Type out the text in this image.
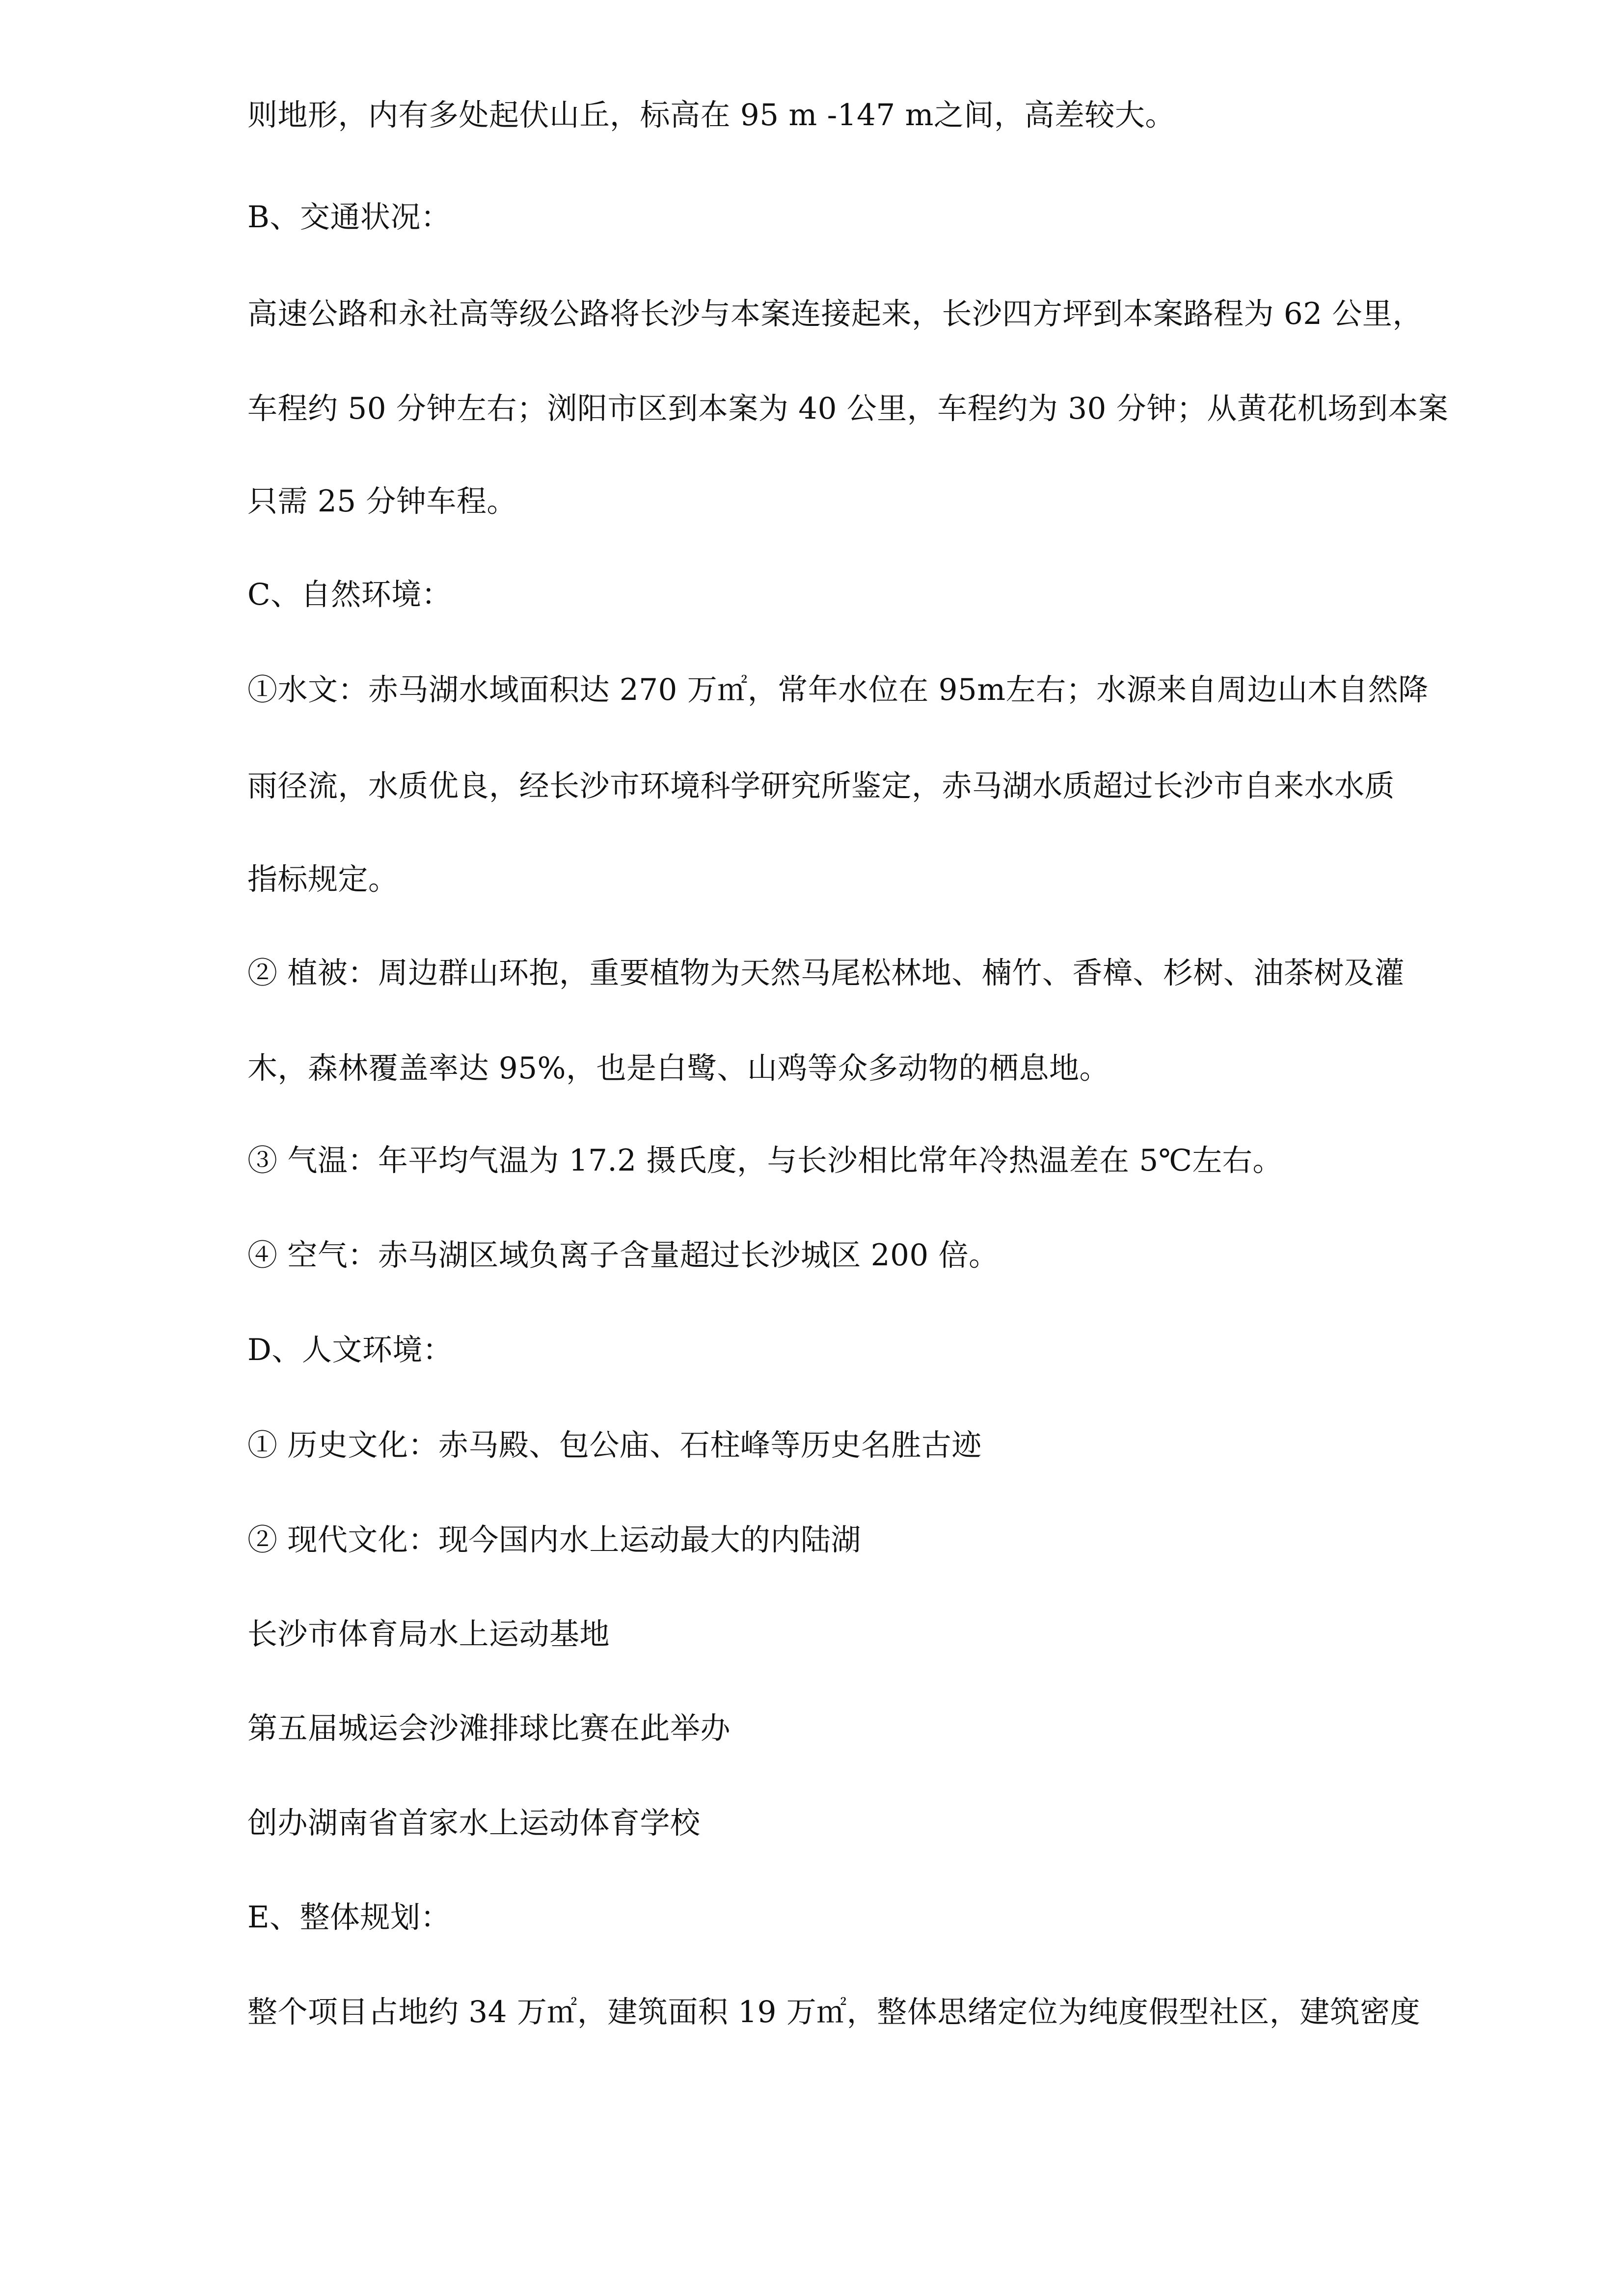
则地形，内有多处起伏山丘，标高在 95 m -147 m之间，高差较大。
B、交通状况：
高速公路和永社高等级公路将长沙与本案连接起来，长沙四方坪到本案路程为 62 公里，
车程约 50 分钟左右；浏阳市区到本案为 40 公里，车程约为 30 分钟；从黄花机场到本案
只需 25 分钟车程。
C、自然环境：
①水文：赤马湖水域面积达 270 万㎡，常年水位在 95m左右；水源来自周边山木自然降
雨径流，水质优良，经长沙市环境科学研究所鉴定，赤马湖水质超过长沙市自来水水质
指标规定。
② 植被：周边群山环抱，重要植物为天然马尾松林地、楠竹、香樟、杉树、油茶树及灌
木，森林覆盖率达 95%，也是白鹭、山鸡等众多动物的栖息地。
③ 气温：年平均气温为 17.2 摄氏度，与长沙相比常年冷热温差在 5℃左右。
④ 空气：赤马湖区域负离子含量超过长沙城区 200 倍。
D、人文环境：
① 历史文化：赤马殿、包公庙、石柱峰等历史名胜古迹
② 现代文化：现今国内水上运动最大的内陆湖
长沙市体育局水上运动基地
第五届城运会沙滩排球比赛在此举办
创办湖南省首家水上运动体育学校
E、整体规划：
整个项目占地约 34 万㎡，建筑面积 19 万㎡，整体思绪定位为纯度假型社区，建筑密度
